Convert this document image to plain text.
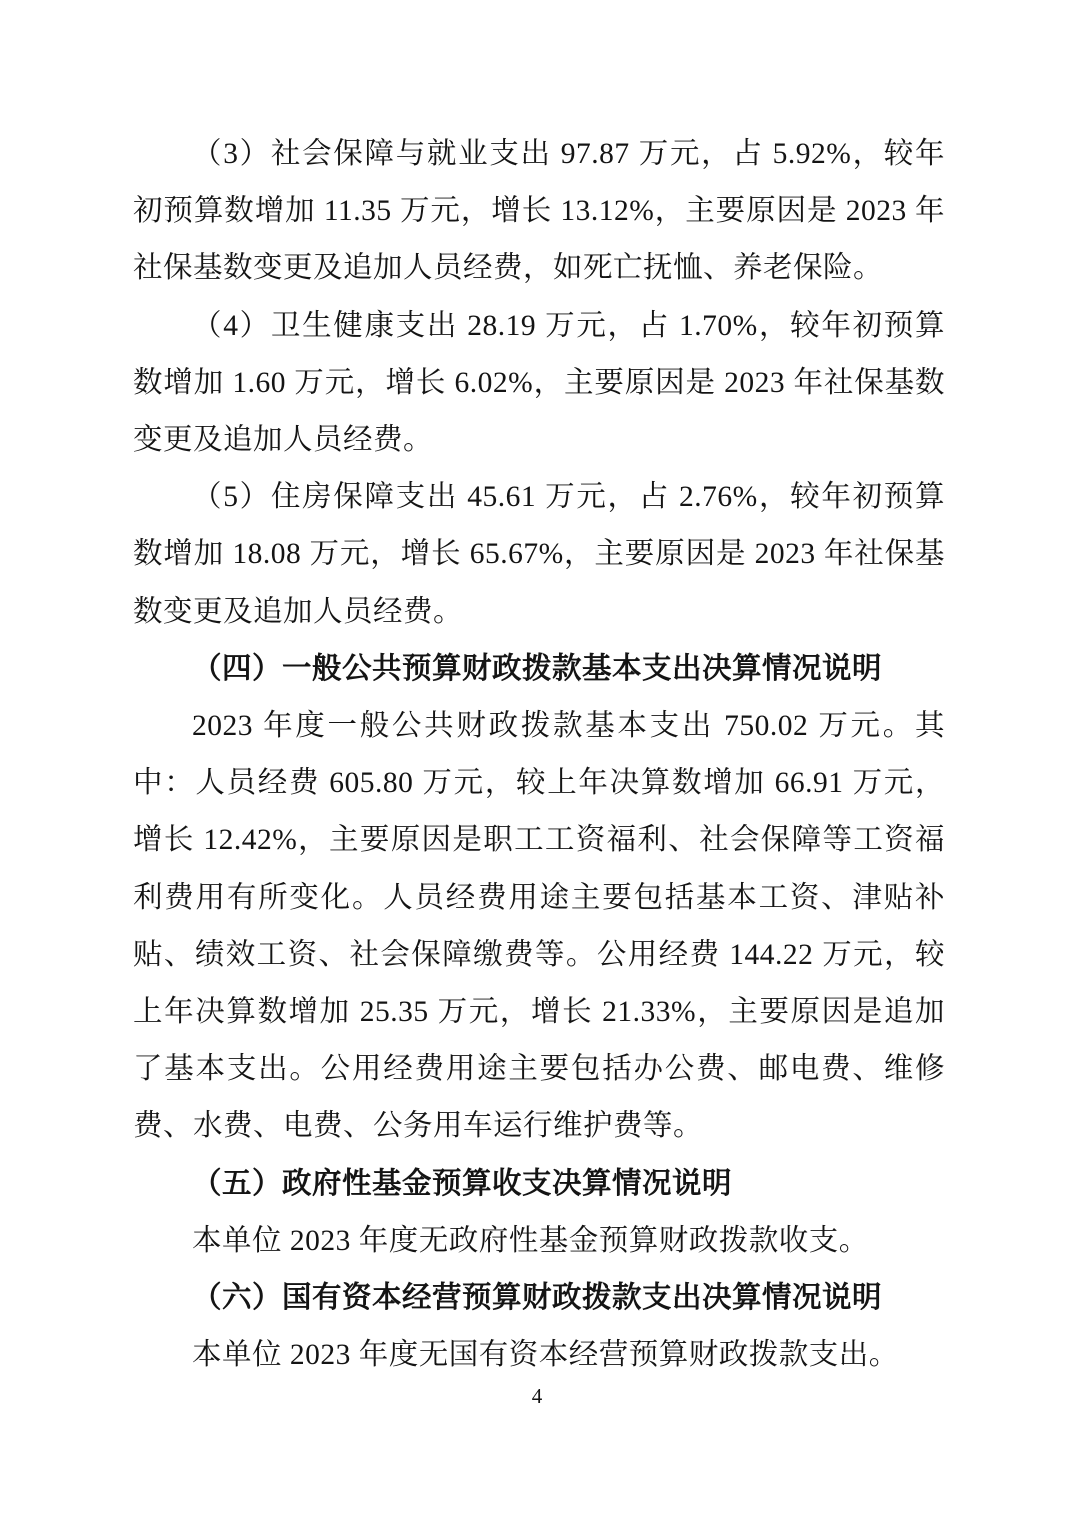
（3）社会保障与就业支出 97.87 万元，占 5.92%，较年初预算数增加 11.35 万元，增长 13.12%，主要原因是 2023 年社保基数变更及追加人员经费，如死亡抚恤、养老保险。

（4）卫生健康支出 28.19 万元，占 1.70%，较年初预算数增加 1.60 万元，增长 6.02%，主要原因是 2023 年社保基数变更及追加人员经费。

（5）住房保障支出 45.61 万元，占 2.76%，较年初预算数增加 18.08 万元，增长 65.67%，主要原因是 2023 年社保基数变更及追加人员经费。

（四）一般公共预算财政拨款基本支出决算情况说明

2023 年度一般公共财政拨款基本支出 750.02 万元。其中：人员经费 605.80 万元，较上年决算数增加 66.91 万元，增长 12.42%，主要原因是职工工资福利、社会保障等工资福利费用有所变化。人员经费用途主要包括基本工资、津贴补贴、绩效工资、社会保障缴费等。公用经费 144.22 万元，较上年决算数增加 25.35 万元，增长 21.33%，主要原因是追加了基本支出。公用经费用途主要包括办公费、邮电费、维修费、水费、电费、公务用车运行维护费等。

（五）政府性基金预算收支决算情况说明

本单位 2023 年度无政府性基金预算财政拨款收支。

（六）国有资本经营预算财政拨款支出决算情况说明

本单位 2023 年度无国有资本经营预算财政拨款支出。

4
